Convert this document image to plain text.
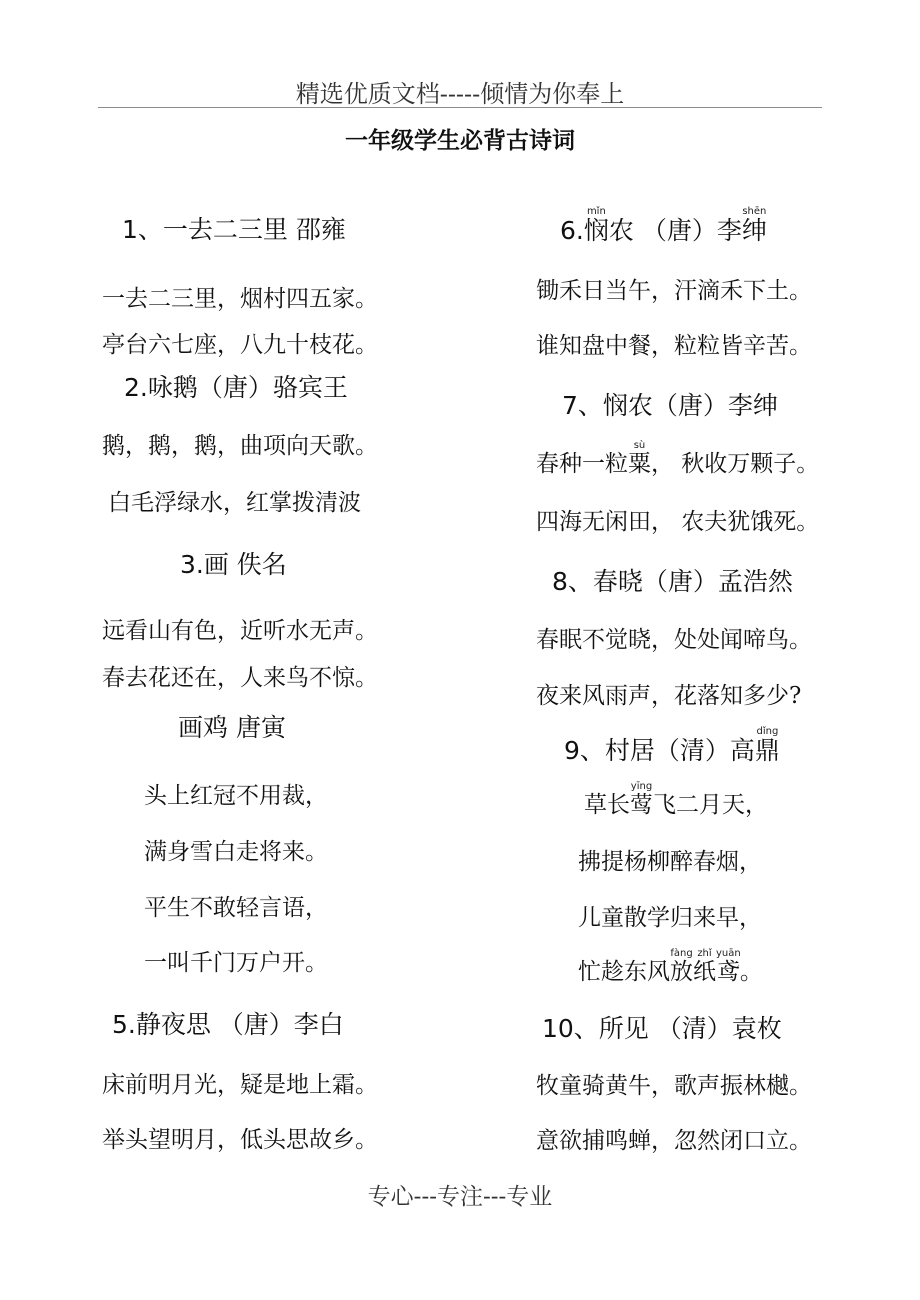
精选优质文档-----倾情为你奉上
一年级学生必背古诗词
1、一去二三里 邵雍
一去二三里，烟村四五家。
亭台六七座，八九十枝花。
2.咏鹅（唐）骆宾王
鹅，鹅，鹅，曲项向天歌。
白毛浮绿水，红掌拨清波
3.画 佚名
远看山有色，近听水无声。
春去花还在，人来鸟不惊。
画鸡 唐寅
头上红冠不用裁，
满身雪白走将来。
平生不敢轻言语，
一叫千门万户开。
5.静夜思 （唐）李白
床前明月光，疑是地上霜。
举头望明月，低头思故乡。
6.悯mǐn农 （唐）李绅shēn
锄禾日当午，汗滴禾下土。
谁知盘中餐，粒粒皆辛苦。
7、悯农（唐）李绅
春种一粒粟sù， 秋收万颗子。
四海无闲田， 农夫犹饿死。
8、春晓（唐）孟浩然
春眠不觉晓，处处闻啼鸟。
夜来风雨声，花落知多少?
9、村居（清）高鼎dǐng
草长莺yīng飞二月天，
拂提杨柳醉春烟，
儿童散学归来早，
忙趁东风放fàng纸zhǐ鸢yuān。
10、所见 （清）袁枚
牧童骑黄牛，歌声振林樾。
意欲捕鸣蝉，忽然闭口立。
专心---专注---专业
